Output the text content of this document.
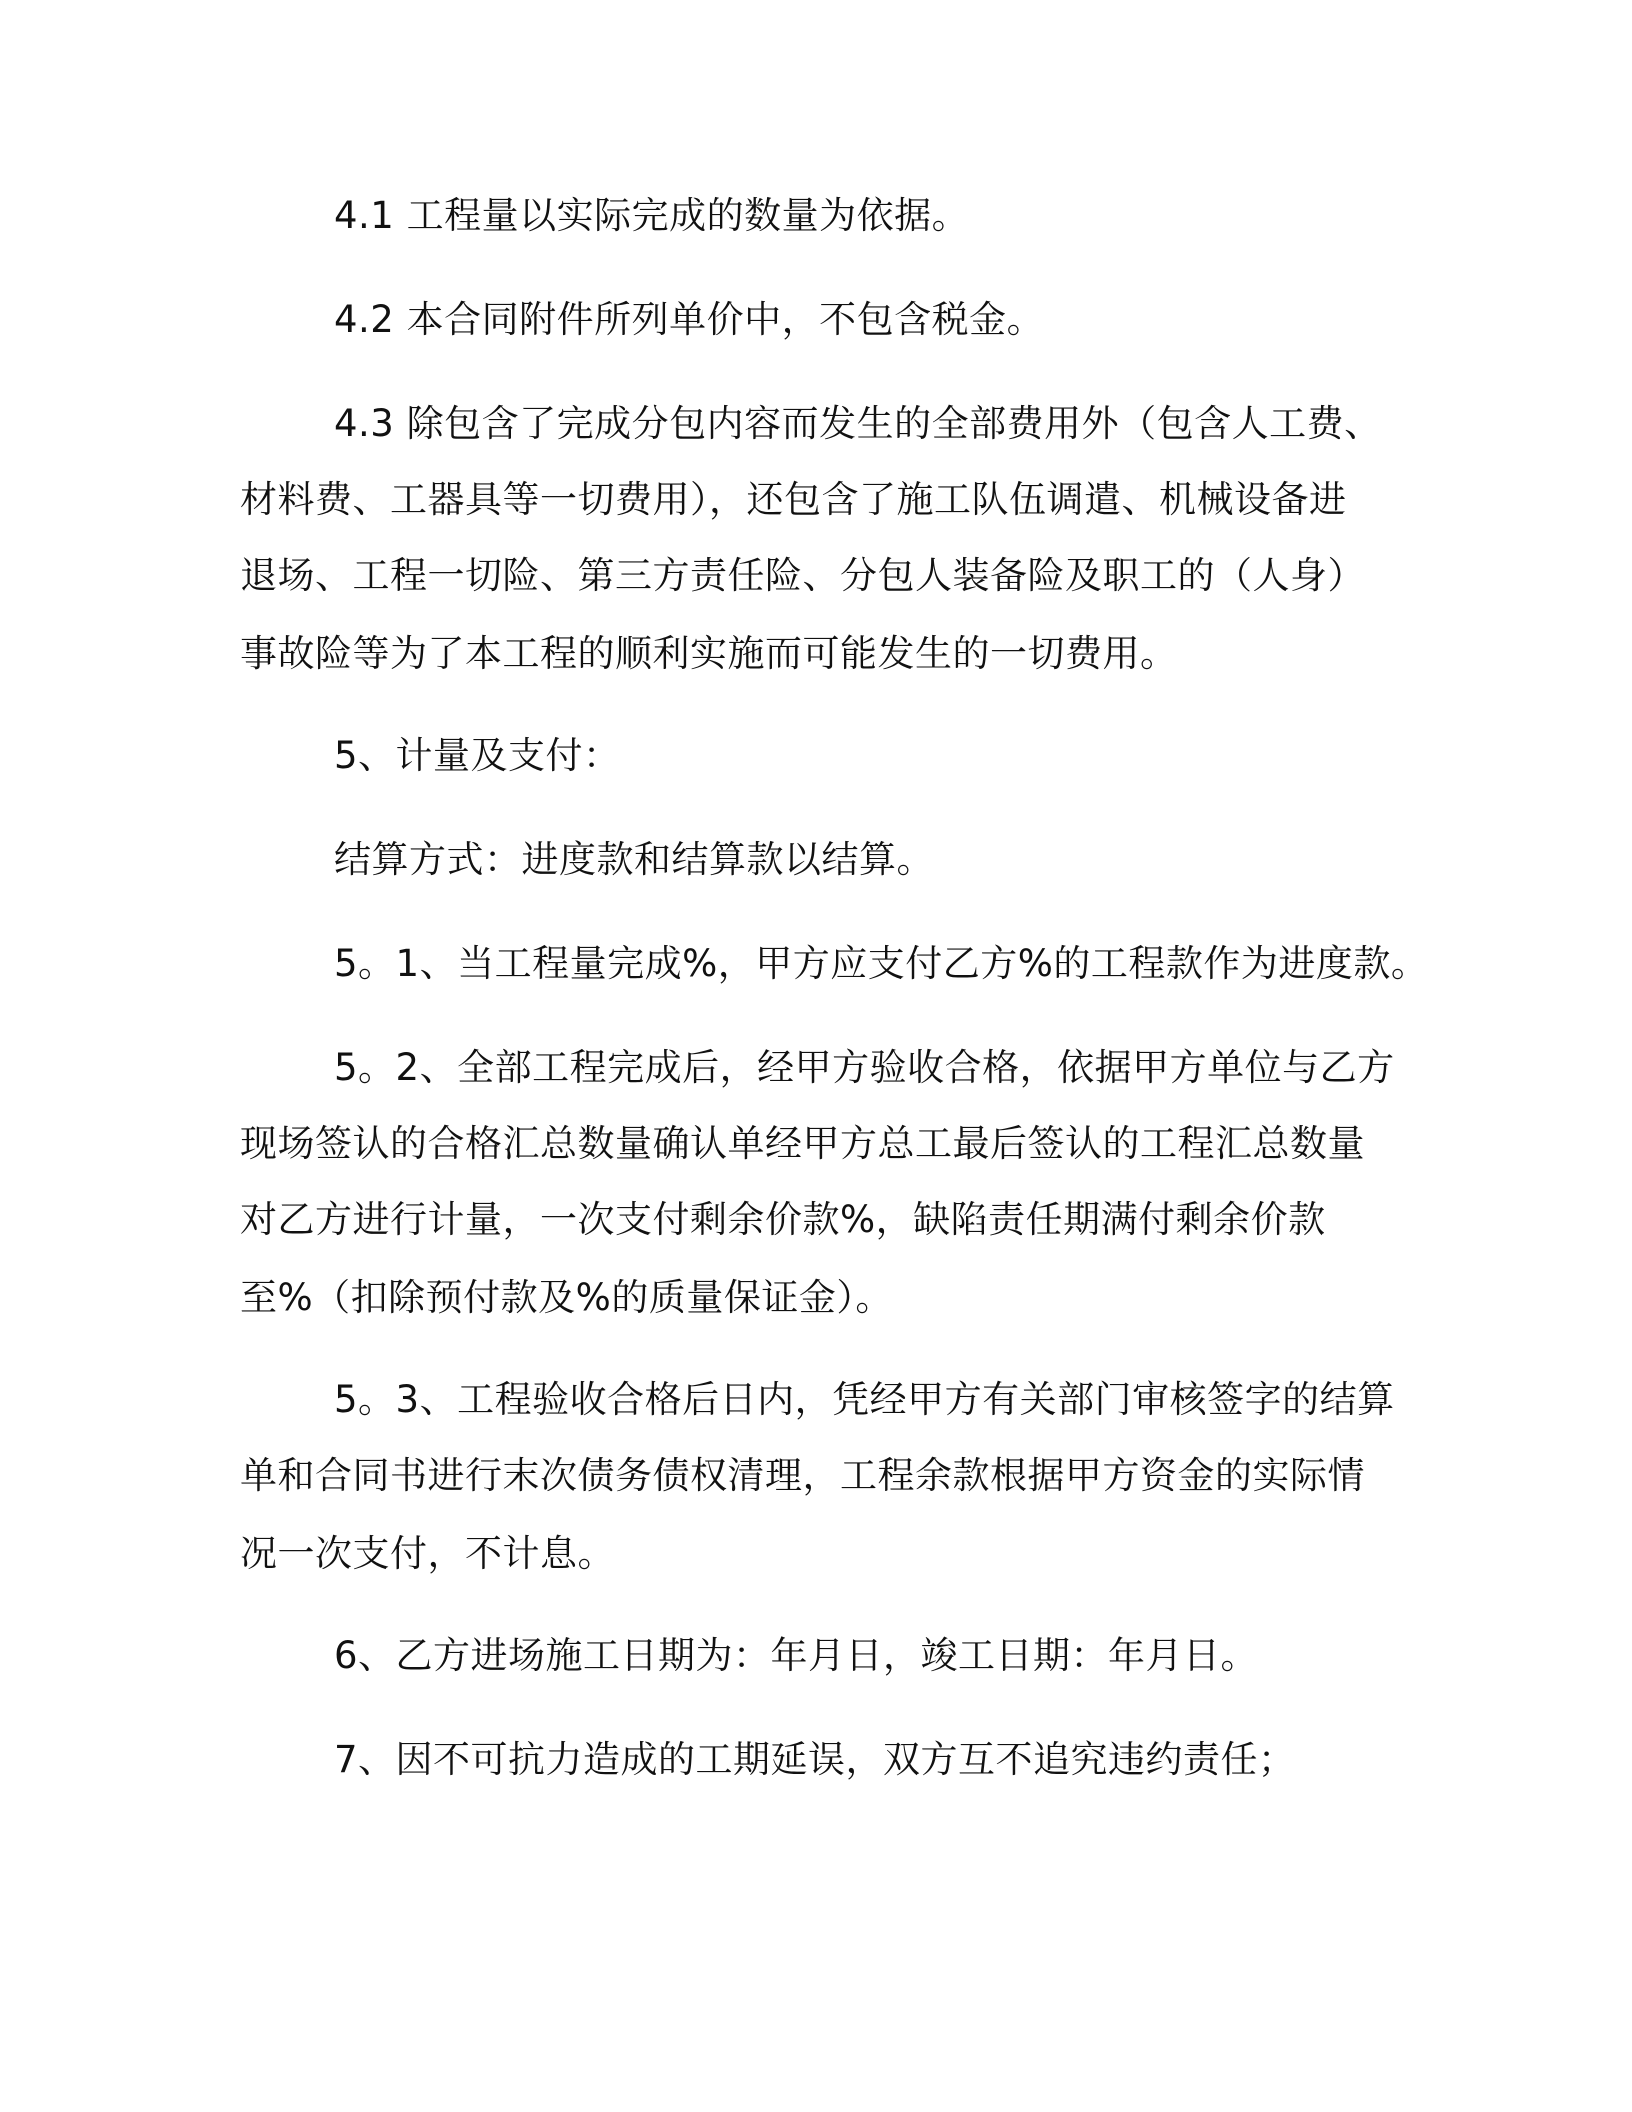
4.1 工程量以实际完成的数量为依据。
4.2 本合同附件所列单价中，不包含税金。
4.3 除包含了完成分包内容而发生的全部费用外（包含人工费、
材料费、工器具等一切费用），还包含了施工队伍调遣、机械设备进
退场、工程一切险、第三方责任险、分包人装备险及职工的（人身）
事故险等为了本工程的顺利实施而可能发生的一切费用。
5、计量及支付：
结算方式：进度款和结算款以结算。
5。1、当工程量完成%，甲方应支付乙方%的工程款作为进度款。
5。2、全部工程完成后，经甲方验收合格，依据甲方单位与乙方
现场签认的合格汇总数量确认单经甲方总工最后签认的工程汇总数量
对乙方进行计量，一次支付剩余价款%，缺陷责任期满付剩余价款
至%（扣除预付款及%的质量保证金）。
5。3、工程验收合格后日内，凭经甲方有关部门审核签字的结算
单和合同书进行末次债务债权清理，工程余款根据甲方资金的实际情
况一次支付，不计息。
6、乙方进场施工日期为：年月日，竣工日期：年月日。
7、因不可抗力造成的工期延误，双方互不追究违约责任；
